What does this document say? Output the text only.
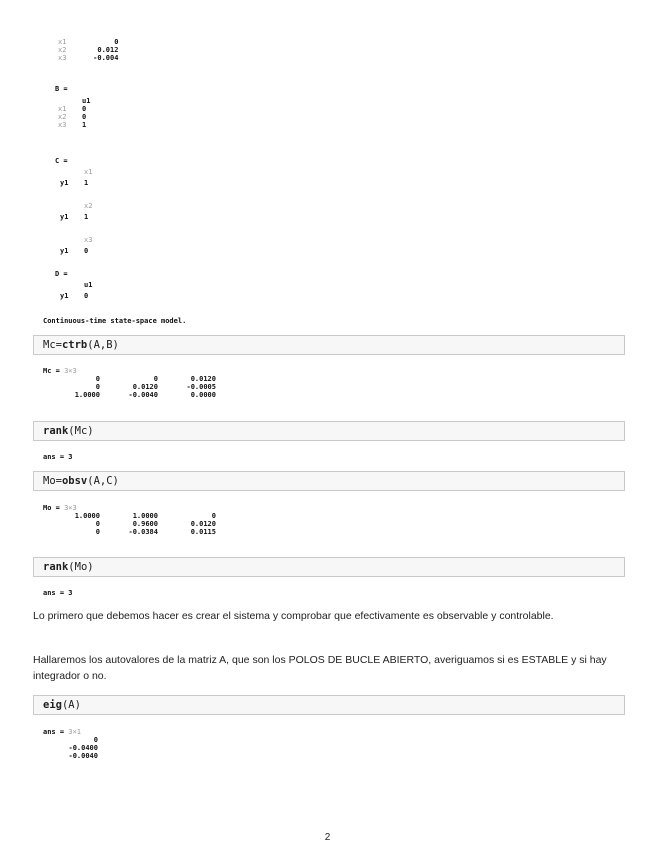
x1	0
x2	0.012
x3	-0.004
B =
u1
x1 0
x2 0
x3 1
C =
x1
y1 1
x2
y1 1
x3
y1 0
D =
u1
y1 0
Continuous-time state-space model.
Mc=ctrb(A,B)
Mc = 3×3
0	0	0.0120
0	0.0120	-0.0005
1.0000	-0.0040	0.0000
rank(Mc)
ans = 3
Mo=obsv(A,C)
Mo = 3×3
1.0000	1.0000	0
0	0.9600	0.0120
0	-0.0384	0.0115
rank(Mo)
ans = 3
Lo primero que debemos hacer es crear el sistema y comprobar que efectivamente es observable y controlable.
Hallaremos los autovalores de la matriz A, que son los POLOS DE BUCLE ABIERTO, averiguamos si es ESTABLE y si hay integrador o no.
eig(A)
ans = 3×1
0
-0.0400
-0.0040
2
